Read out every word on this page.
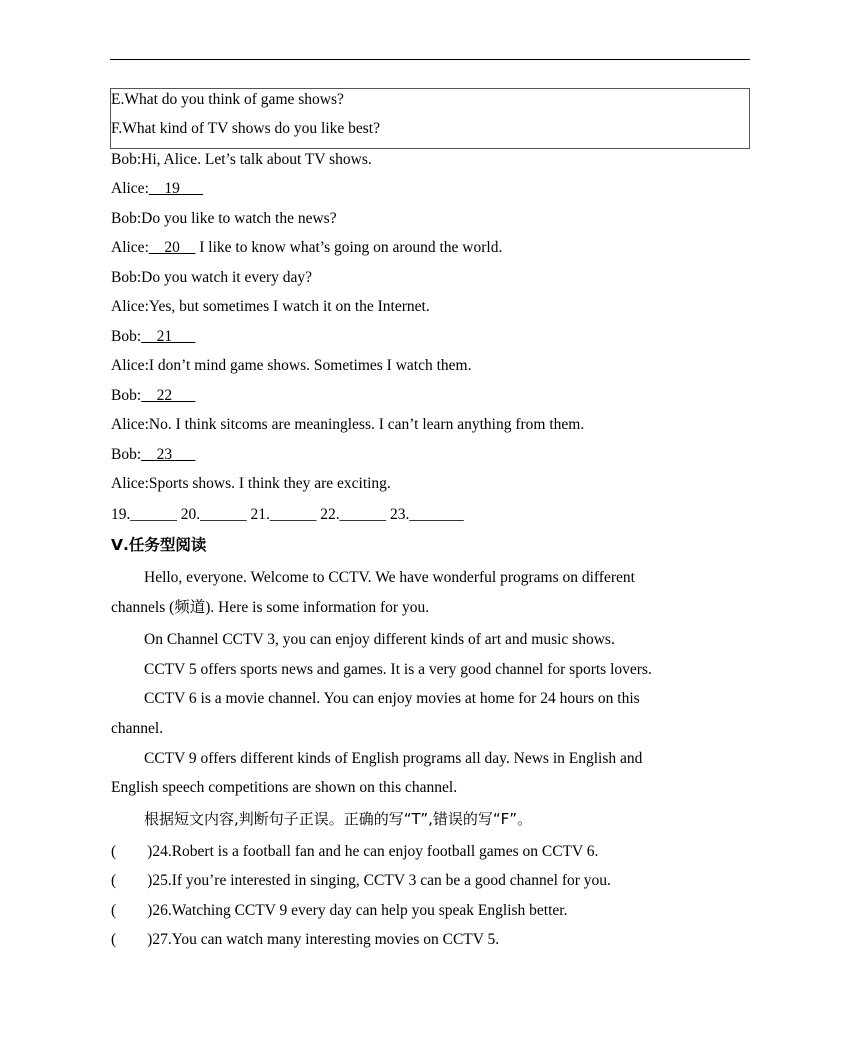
E.What do you think of game shows?
F.What kind of TV shows do you like best?
Bob:Hi, Alice. Let’s talk about TV shows.
Alice:  19   
Bob:Do you like to watch the news?
Alice:  20   I like to know what’s going on around the world.
Bob:Do you watch it every day?
Alice:Yes, but sometimes I watch it on the Internet.
Bob:  21   
Alice:I don’t mind game shows. Sometimes I watch them.
Bob:  22   
Alice:No. I think sitcoms are meaningless. I can’t learn anything from them.
Bob:  23   
Alice:Sports shows. I think they are exciting.
19.______ 20.______ 21.______ 22.______ 23._______
Ⅴ.任务型阅读
Hello, everyone. Welcome to CCTV. We have wonderful programs on different
channels (频道). Here is some information for you.
On Channel CCTV 3, you can enjoy different kinds of art and music shows.
CCTV 5 offers sports news and games. It is a very good channel for sports lovers.
CCTV 6 is a movie channel. You can enjoy movies at home for 24 hours on this
channel.
CCTV 9 offers different kinds of English programs all day. News in English and
English speech competitions are shown on this channel.
根据短文内容,判断句子正误。正确的写“T”,错误的写“F”。
(  )24.Robert is a football fan and he can enjoy football games on CCTV 6.
(  )25.If you’re interested in singing, CCTV 3 can be a good channel for you.
(  )26.Watching CCTV 9 every day can help you speak English better.
(  )27.You can watch many interesting movies on CCTV 5.
